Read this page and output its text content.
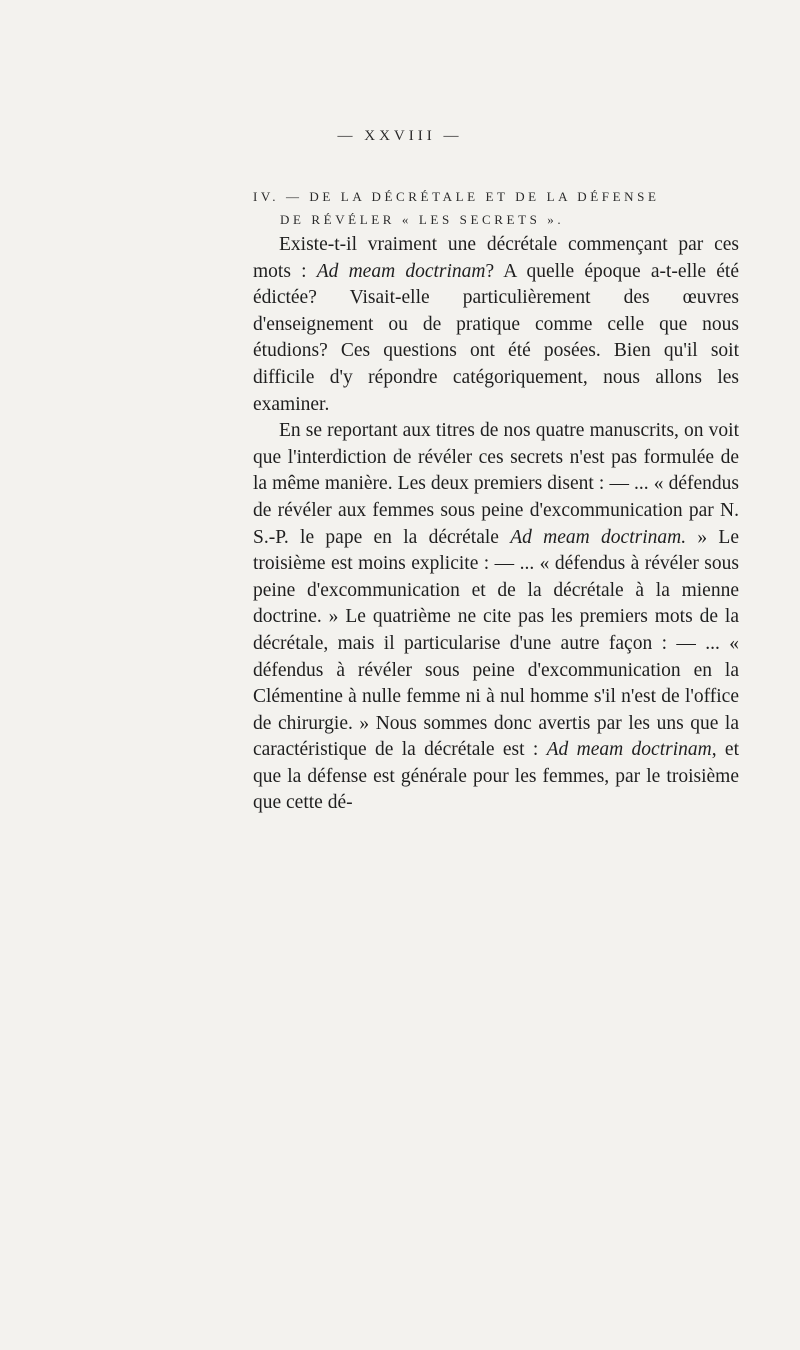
— XXVIII —
IV. — DE LA DÉCRÉTALE ET DE LA DÉFENSE
DE RÉVÉLER « LES SECRETS ».

Existe-t-il vraiment une décrétale commençant par ces mots : Ad meam doctrinam? A quelle époque a-t-elle été édictée? Visait-elle particulièrement des œuvres d'enseignement ou de pratique comme celle que nous étudions? Ces questions ont été posées. Bien qu'il soit difficile d'y répondre catégoriquement, nous allons les examiner.

En se reportant aux titres de nos quatre manuscrits, on voit que l'interdiction de révéler ces secrets n'est pas formulée de la même manière. Les deux premiers disent : — ... « défendus de révéler aux femmes sous peine d'excommunication par N. S.-P. le pape en la décrétale Ad meam doctrinam. » Le troisième est moins explicite : — ... « défendus à révéler sous peine d'excommunication et de la décrétale à la mienne doctrine. » Le quatrième ne cite pas les premiers mots de la décrétale, mais il particularise d'une autre façon : — ... « défendus à révéler sous peine d'excommunication en la Clémentine à nulle femme ni à nul homme s'il n'est de l'office de chirurgie. » Nous sommes donc avertis par les uns que la caractéristique de la décrétale est : Ad meam doctrinam, et que la défense est générale pour les femmes, par le troisième que cette dé-
